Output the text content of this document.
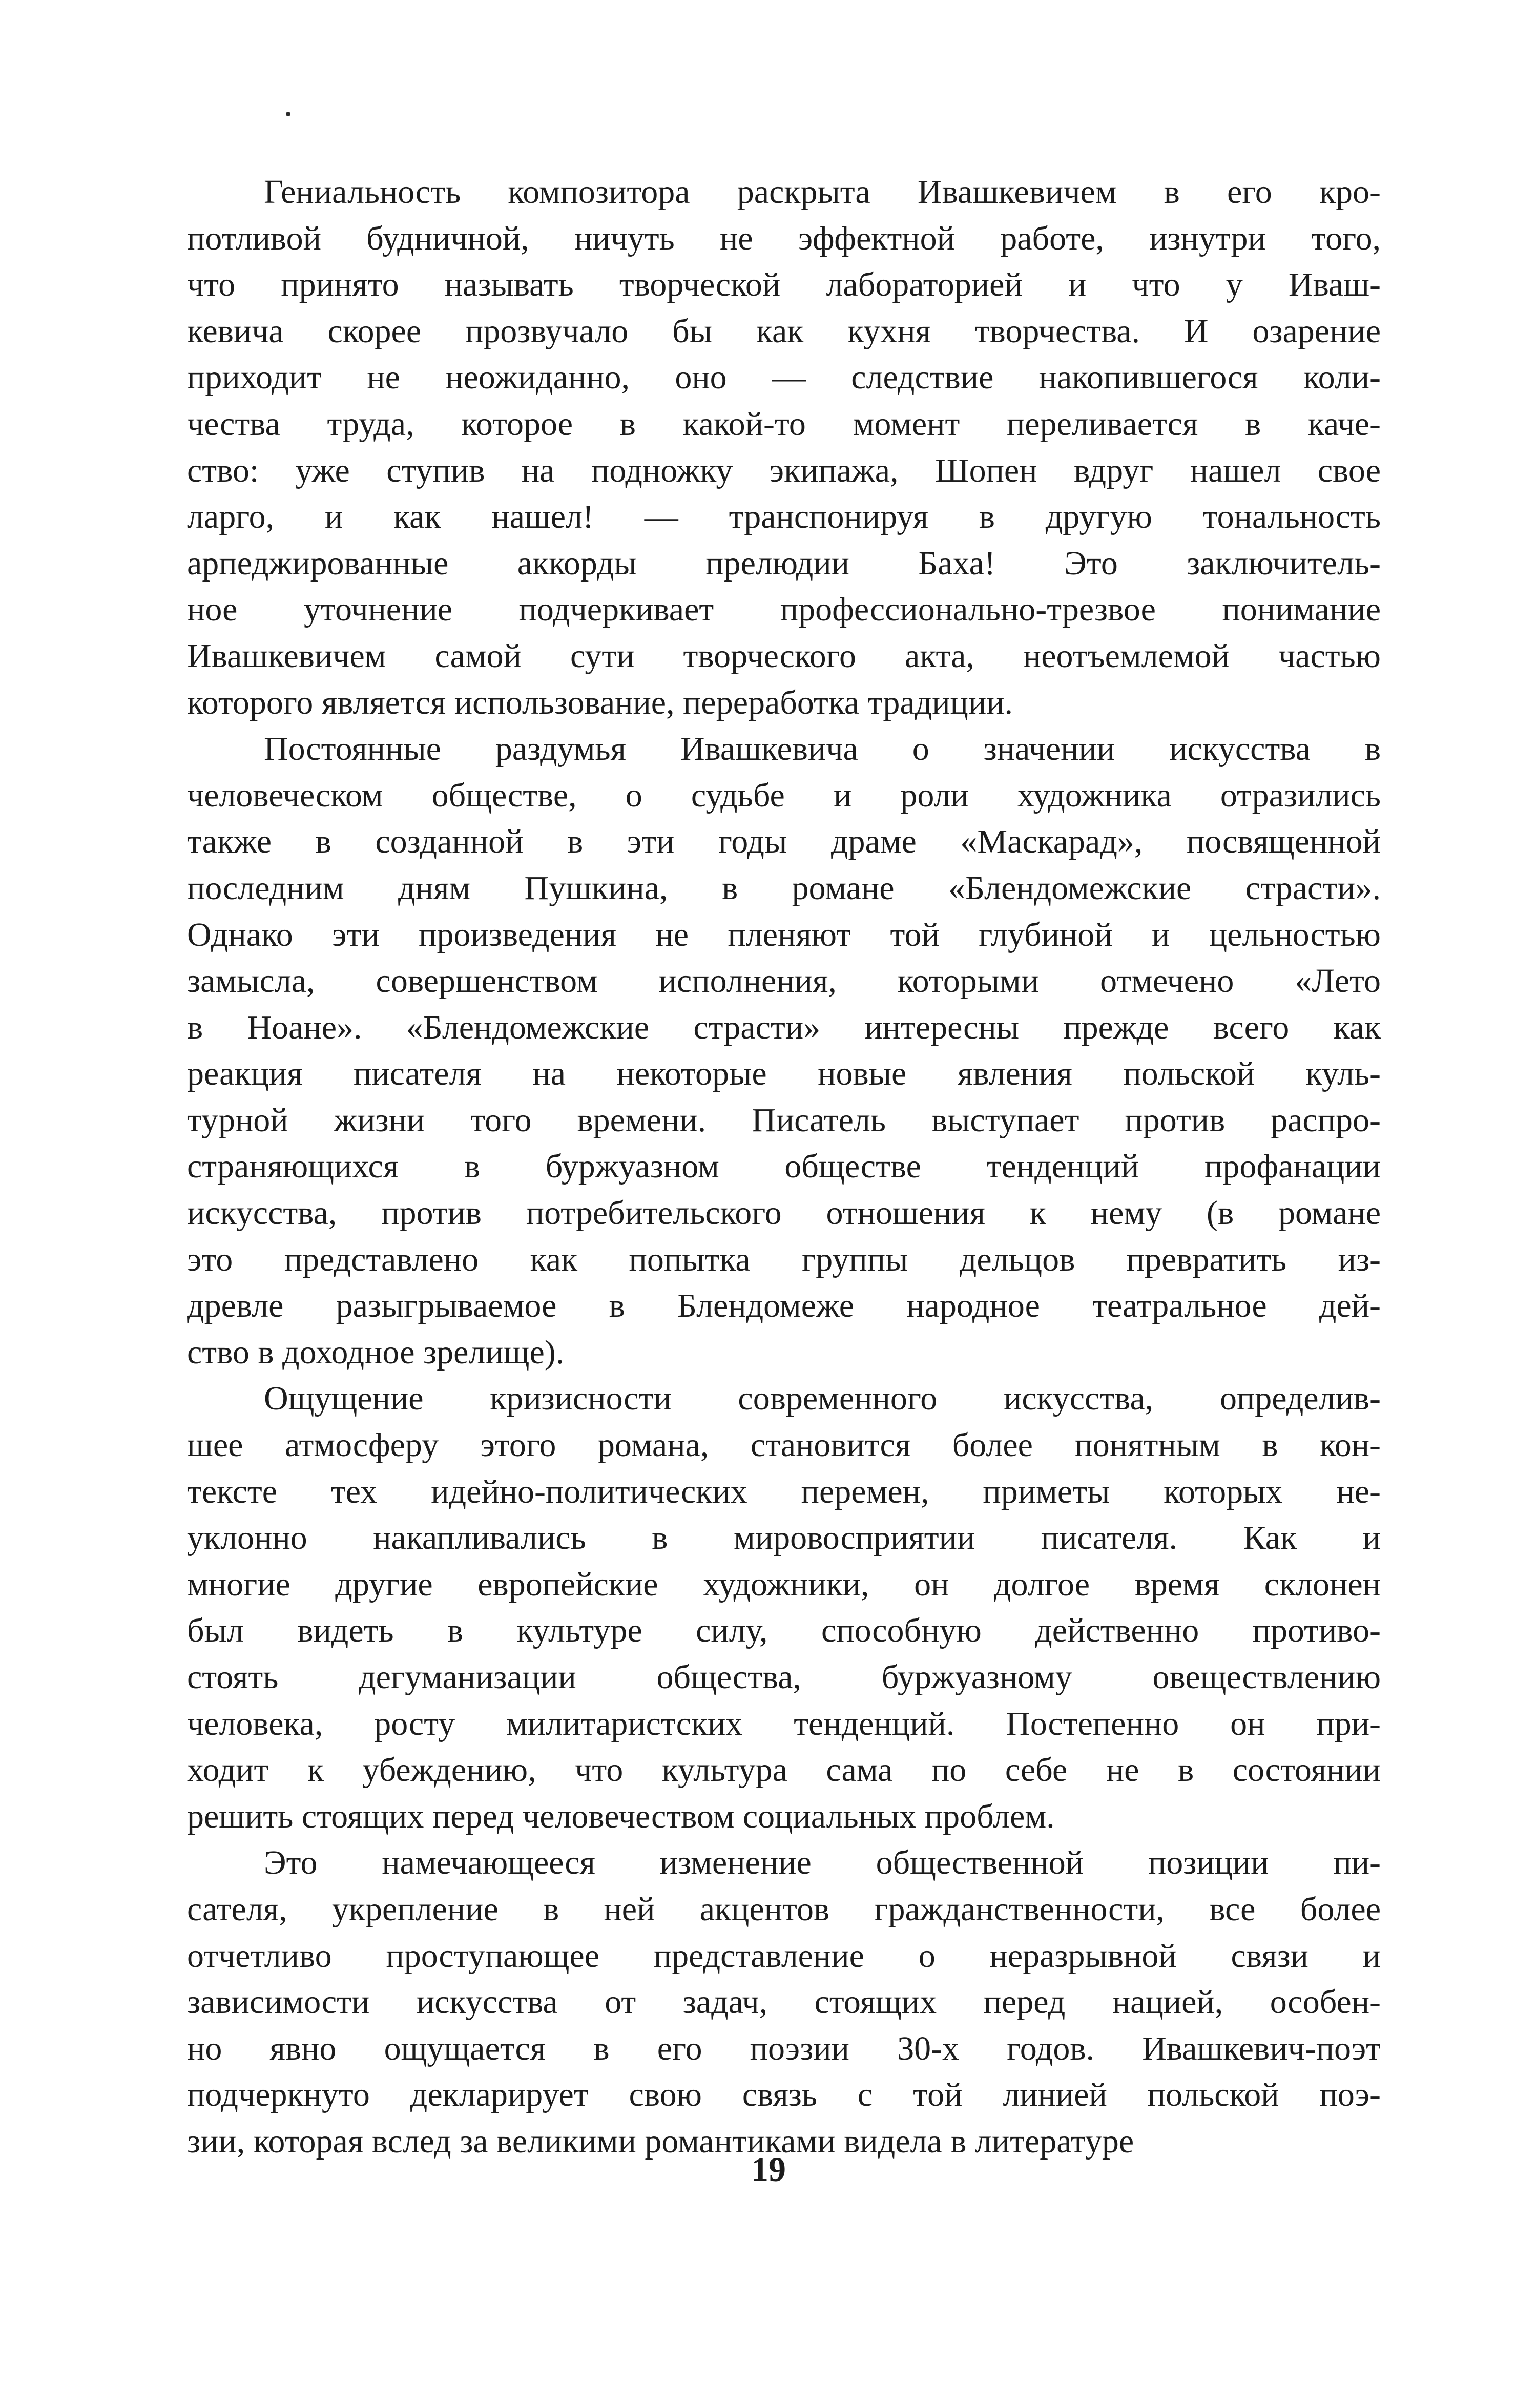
Гениальность композитора раскрыта Ивашкевичем в его кро-
потливой будничной, ничуть не эффектной работе, изнутри того,
что принято называть творческой лабораторией и что у Иваш-
кевича скорее прозвучало бы как кухня творчества. И озарение
приходит не неожиданно, оно — следствие накопившегося коли-
чества труда, которое в какой-то момент переливается в каче-
ство: уже ступив на подножку экипажа, Шопен вдруг нашел свое
ларго, и как нашел! — транспонируя в другую тональность
арпеджированные аккорды прелюдии Баха! Это заключитель-
ное уточнение подчеркивает профессионально-трезвое понимание
Ивашкевичем самой сути творческого акта, неотъемлемой частью
которого является использование, переработка традиции.
Постоянные раздумья Ивашкевича о значении искусства в
человеческом обществе, о судьбе и роли художника отразились
также в созданной в эти годы драме «Маскарад», посвященной
последним дням Пушкина, в романе «Блендомежские страсти».
Однако эти произведения не пленяют той глубиной и цельностью
замысла, совершенством исполнения, которыми отмечено «Лето
в Ноане». «Блендомежские страсти» интересны прежде всего как
реакция писателя на некоторые новые явления польской куль-
турной жизни того времени. Писатель выступает против распро-
страняющихся в буржуазном обществе тенденций профанации
искусства, против потребительского отношения к нему (в романе
это представлено как попытка группы дельцов превратить из-
древле разыгрываемое в Блендомеже народное театральное дей-
ство в доходное зрелище).
Ощущение кризисности современного искусства, определив-
шее атмосферу этого романа, становится более понятным в кон-
тексте тех идейно-политических перемен, приметы которых не-
уклонно накапливались в мировосприятии писателя. Как и
многие другие европейские художники, он долгое время склонен
был видеть в культуре силу, способную действенно противо-
стоять дегуманизации общества, буржуазному овеществлению
человека, росту милитаристских тенденций. Постепенно он при-
ходит к убеждению, что культура сама по себе не в состоянии
решить стоящих перед человечеством социальных проблем.
Это намечающееся изменение общественной позиции пи-
сателя, укрепление в ней акцентов гражданственности, все более
отчетливо проступающее представление о неразрывной связи и
зависимости искусства от задач, стоящих перед нацией, особен-
но явно ощущается в его поэзии 30-х годов. Ивашкевич-поэт
подчеркнуто декларирует свою связь с той линией польской поэ-
зии, которая вслед за великими романтиками видела в литературе
19
